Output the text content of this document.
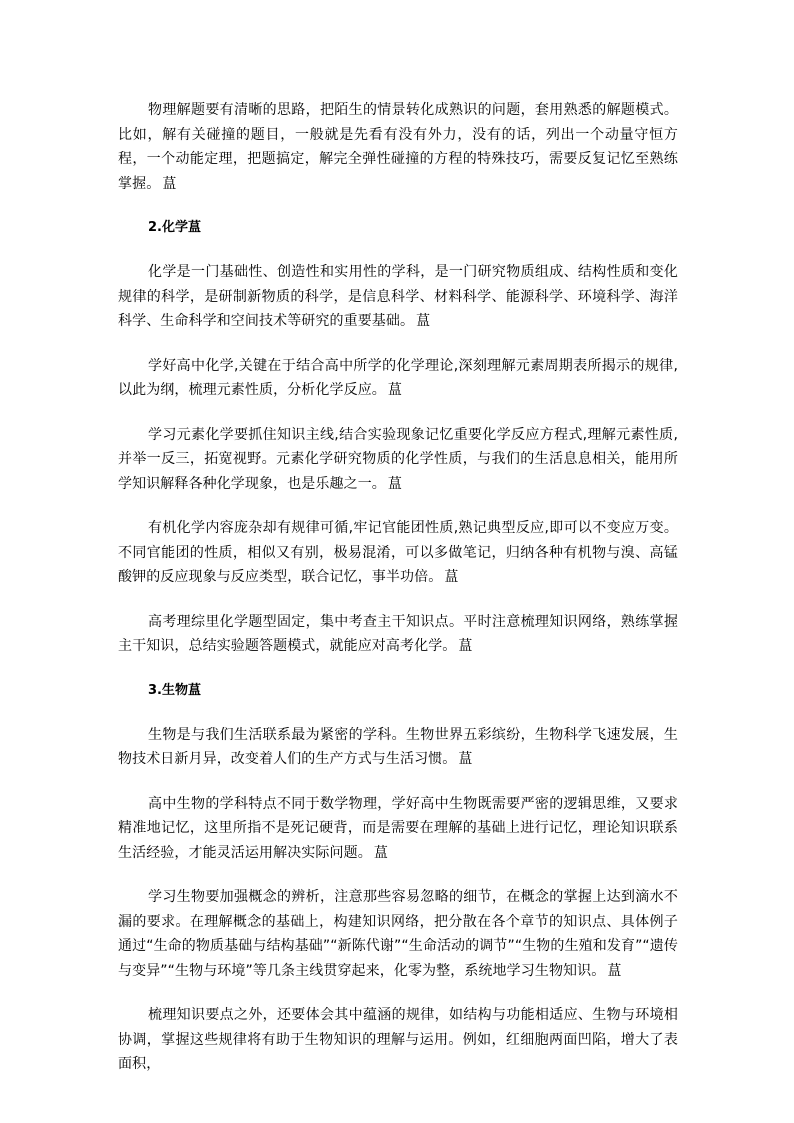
物理解题要有清晰的思路，把陌生的情景转化成熟识的问题，套用熟悉的解题模式。比如，解有关碰撞的题目，一般就是先看有没有外力，没有的话，列出一个动量守恒方程，一个动能定理，把题搞定，解完全弹性碰撞的方程的特殊技巧，需要反复记忆至熟练掌握。 蒀

2.化学蒀

化学是一门基础性、创造性和实用性的学科，是一门研究物质组成、结构性质和变化规律的科学，是研制新物质的科学，是信息科学、材料科学、能源科学、环境科学、海洋科学、生命科学和空间技术等研究的重要基础。 蒀

学好高中化学,关键在于结合高中所学的化学理论,深刻理解元素周期表所揭示的规律,以此为纲，梳理元素性质，分析化学反应。 蒀

学习元素化学要抓住知识主线,结合实验现象记忆重要化学反应方程式,理解元素性质,并举一反三，拓宽视野。元素化学研究物质的化学性质，与我们的生活息息相关，能用所学知识解释各种化学现象，也是乐趣之一。 蒀

有机化学内容庞杂却有规律可循,牢记官能团性质,熟记典型反应,即可以不变应万变。不同官能团的性质，相似又有别，极易混淆，可以多做笔记，归纳各种有机物与溴、高锰酸钾的反应现象与反应类型，联合记忆，事半功倍。 蒀

高考理综里化学题型固定，集中考查主干知识点。平时注意梳理知识网络，熟练掌握主干知识，总结实验题答题模式，就能应对高考化学。 蒀

3.生物蒀

生物是与我们生活联系最为紧密的学科。生物世界五彩缤纷，生物科学飞速发展，生物技术日新月异，改变着人们的生产方式与生活习惯。 蒀

高中生物的学科特点不同于数学物理，学好高中生物既需要严密的逻辑思维，又要求精准地记忆，这里所指不是死记硬背，而是需要在理解的基础上进行记忆，理论知识联系生活经验，才能灵活运用解决实际问题。 蒀

学习生物要加强概念的辨析，注意那些容易忽略的细节，在概念的掌握上达到滴水不漏的要求。在理解概念的基础上，构建知识网络，把分散在各个章节的知识点、具体例子通过“生命的物质基础与结构基础”“新陈代谢”“生命活动的调节”“生物的生殖和发育”“遗传与变异”“生物与环境”等几条主线贯穿起来，化零为整，系统地学习生物知识。 蒀

梳理知识要点之外，还要体会其中蕴涵的规律，如结构与功能相适应、生物与环境相协调，掌握这些规律将有助于生物知识的理解与运用。例如，红细胞两面凹陷，增大了表面积，
